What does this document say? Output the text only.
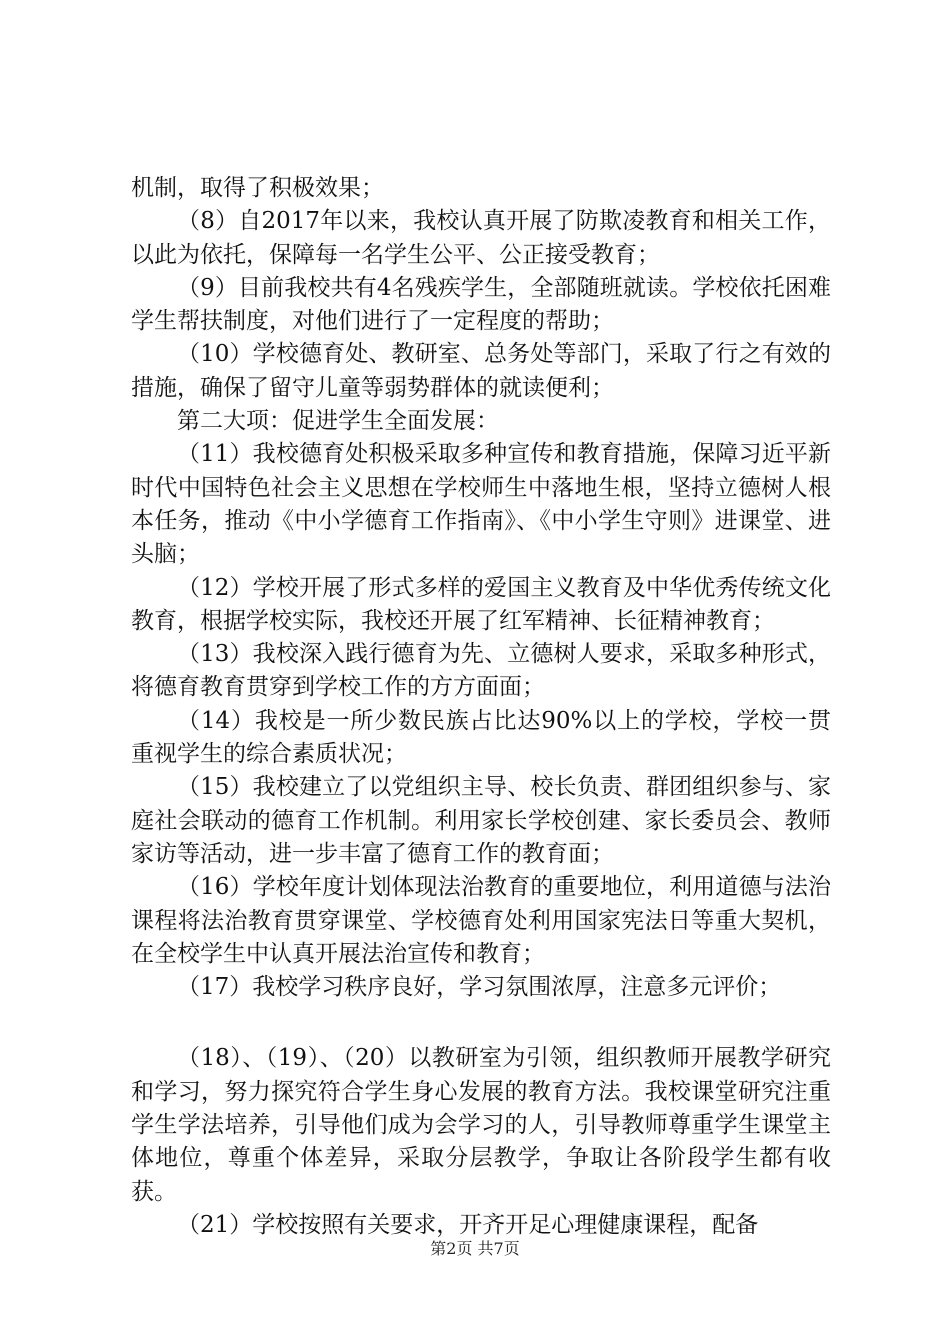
机制，取得了积极效果；

（8）自2017年以来，我校认真开展了防欺凌教育和相关工作，以此为依托，保障每一名学生公平、公正接受教育；

（9）目前我校共有4名残疾学生，全部随班就读。学校依托困难学生帮扶制度，对他们进行了一定程度的帮助；

（10）学校德育处、教研室、总务处等部门，采取了行之有效的措施，确保了留守儿童等弱势群体的就读便利；

第二大项：促进学生全面发展：

（11）我校德育处积极采取多种宣传和教育措施，保障习近平新时代中国特色社会主义思想在学校师生中落地生根，坚持立德树人根本任务，推动《中小学德育工作指南》、《中小学生守则》进课堂、进头脑；

（12）学校开展了形式多样的爱国主义教育及中华优秀传统文化教育，根据学校实际，我校还开展了红军精神、长征精神教育；

（13）我校深入践行德育为先、立德树人要求，采取多种形式，将德育教育贯穿到学校工作的方方面面；

（14）我校是一所少数民族占比达90%以上的学校，学校一贯重视学生的综合素质状况；

（15）我校建立了以党组织主导、校长负责、群团组织参与、家庭社会联动的德育工作机制。利用家长学校创建、家长委员会、教师家访等活动，进一步丰富了德育工作的教育面；

（16）学校年度计划体现法治教育的重要地位，利用道德与法治课程将法治教育贯穿课堂、学校德育处利用国家宪法日等重大契机，在全校学生中认真开展法治宣传和教育；

（17）我校学习秩序良好，学习氛围浓厚，注意多元评价；

（18）、（19）、（20）以教研室为引领，组织教师开展教学研究和学习，努力探究符合学生身心发展的教育方法。我校课堂研究注重学生学法培养，引导他们成为会学习的人，引导教师尊重学生课堂主体地位，尊重个体差异，采取分层教学，争取让各阶段学生都有收获。

（21）学校按照有关要求，开齐开足心理健康课程，配备

第2页 共7页
